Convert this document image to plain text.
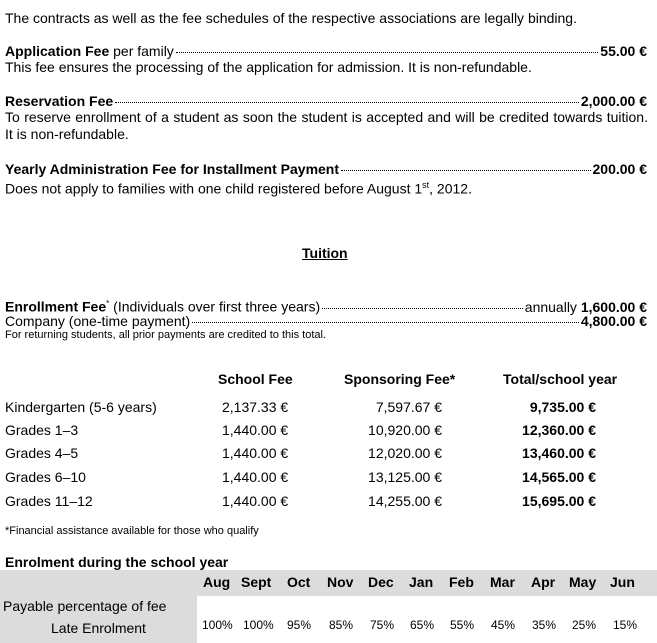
The contracts as well as the fee schedules of the respective associations are legally binding.
Application Fee per family	55.00 €
This fee ensures the processing of the application for admission. It is non-refundable.
Reservation Fee	2,000.00 €
To reserve enrollment of a student as soon the student is accepted and will be credited towards tuition. It is non-refundable.
Yearly Administration Fee for Installment Payment	200.00 €
Does not apply to families with one child registered before August 1st, 2012.
Tuition
Enrollment Fee* (Individuals over first three years)	annually 1,600.00 €
Company (one-time payment)	4,800.00 €
For returning students, all prior payments are credited to this total.
School Fee	Sponsoring Fee*	Total/school year
Kindergarten (5-6 years)	2,137.33 €	7,597.67 €	9,735.00 €
Grades 1–3	1,440.00 €	10,920.00 €	12,360.00 €
Grades 4–5	1,440.00 €	12,020.00 €	13,460.00 €
Grades 6–10	1,440.00 €	13,125.00 €	14,565.00 €
Grades 11–12	1,440.00 €	14,255.00 €	15,695.00 €
*Financial assistance available for those who qualify
Enrolment during the school year
Payable percentage of fee
Late Enrolment
Aug Sept Oct Nov Dec Jan Feb Mar Apr May Jun
100% 100% 95% 85% 75% 65% 55% 45% 35% 25% 15%
